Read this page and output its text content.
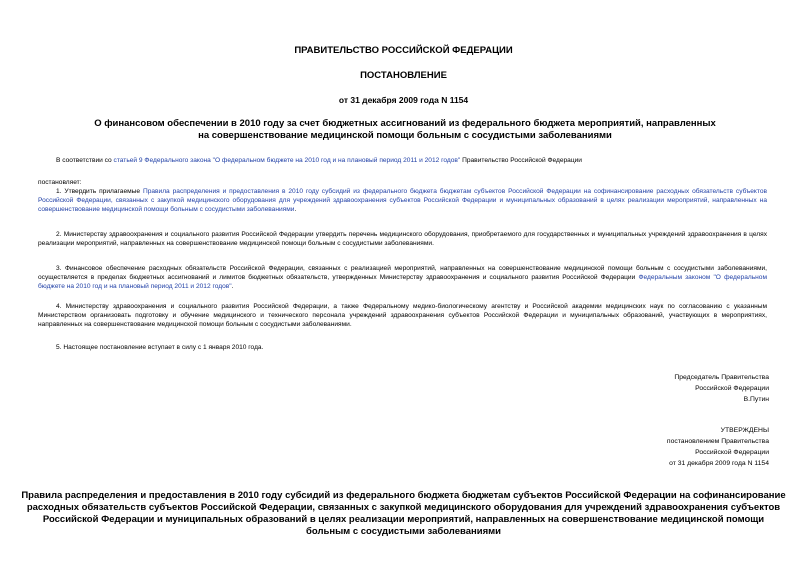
ПРАВИТЕЛЬСТВО РОССИЙСКОЙ ФЕДЕРАЦИИ
ПОСТАНОВЛЕНИЕ
от 31 декабря 2009 года N 1154
О финансовом обеспечении в 2010 году за счет бюджетных ассигнований из федерального бюджета мероприятий, направленных на совершенствование медицинской помощи больным с сосудистыми заболеваниями
В соответствии со статьей 9 Федерального закона "О федеральном бюджете на 2010 год и на плановый период 2011 и 2012 годов" Правительство Российской Федерации
постановляет:
1. Утвердить прилагаемые Правила распределения и предоставления в 2010 году субсидий из федерального бюджета бюджетам субъектов Российской Федерации на софинансирование расходных обязательств субъектов Российской Федерации, связанных с закупкой медицинского оборудования для учреждений здравоохранения субъектов Российской Федерации и муниципальных образований в целях реализации мероприятий, направленных на совершенствование медицинской помощи больным с сосудистыми заболеваниями.
2. Министерству здравоохранения и социального развития Российской Федерации утвердить перечень медицинского оборудования, приобретаемого для государственных и муниципальных учреждений здравоохранения в целях реализации мероприятий, направленных на совершенствование медицинской помощи больным с сосудистыми заболеваниями.
3. Финансовое обеспечение расходных обязательств Российской Федерации, связанных с реализацией мероприятий, направленных на совершенствование медицинской помощи больным с сосудистыми заболеваниями, осуществляется в пределах бюджетных ассигнований и лимитов бюджетных обязательств, утвержденных Министерству здравоохранения и социального развития Российской Федерации Федеральным законом "О федеральном бюджете на 2010 год и на плановый период 2011 и 2012 годов".
4. Министерству здравоохранения и социального развития Российской Федерации, а также Федеральному медико-биологическому агентству и Российской академии медицинских наук по согласованию с указанным Министерством организовать подготовку и обучение медицинского и технического персонала учреждений здравоохранения субъектов Российской Федерации и муниципальных образований, участвующих в мероприятиях, направленных на совершенствование медицинской помощи больным с сосудистыми заболеваниями.
5. Настоящее постановление вступает в силу с 1 января 2010 года.
Председатель Правительства
Российской Федерации
В.Путин
УТВЕРЖДЕНЫ
постановлением Правительства
Российской Федерации
от 31 декабря 2009 года N 1154
Правила распределения и предоставления в 2010 году субсидий из федерального бюджета бюджетам субъектов Российской Федерации на софинансирование расходных обязательств субъектов Российской Федерации, связанных с закупкой медицинского оборудования для учреждений здравоохранения субъектов Российской Федерации и муниципальных образований в целях реализации мероприятий, направленных на совершенствование медицинской помощи больным с сосудистыми заболеваниями
